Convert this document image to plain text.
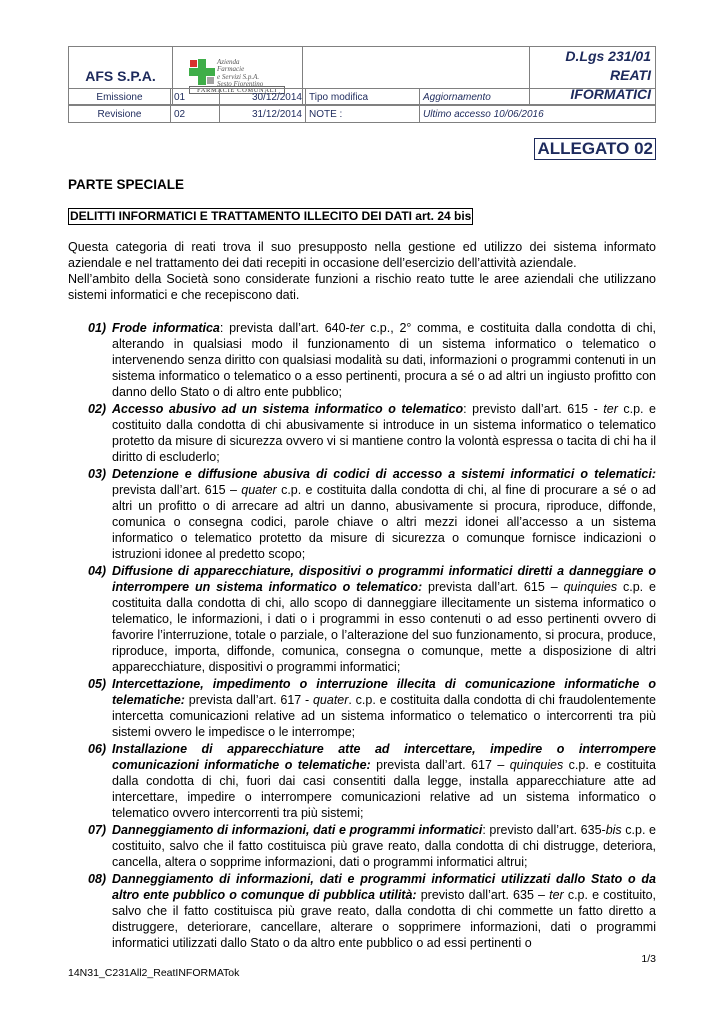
AFS S.P.A.	
Azienda
Farmacie
e Servizi S.p.A.
Sesto Fiorentino
FARMACIE COMUNALI

D.Lgs 231/01
REATI IFORMATICI
Emissione	01	30/12/2014	Tipo modifica	Aggiornamento
Revisione	02	31/12/2014	NOTE :	Ultimo accesso 10/06/2016
ALLEGATO 02
PARTE SPECIALE
DELITTI INFORMATICI E TRATTAMENTO ILLECITO DEI DATI art. 24 bis

Questa categoria di reati trova il suo presupposto nella gestione ed utilizzo dei sistema informato aziendale e nel trattamento dei dati recepiti in occasione dell’esercizio dell’attività aziendale.

Nell’ambito della Società sono considerate funzioni a rischio reato tutte le aree aziendali che utilizzano sistemi informatici e che recepiscono dati.

01) Frode informatica: prevista dall’art. 640-ter c.p., 2° comma, e costituita dalla condotta di chi, alterando in qualsiasi modo il funzionamento di un sistema informatico o telematico o intervenendo senza diritto con qualsiasi modalità su dati, informazioni o programmi contenuti in un sistema informatico o telematico o a esso pertinenti, procura a sé o ad altri un ingiusto profitto con danno dello Stato o di altro ente pubblico;

02) Accesso abusivo ad un sistema informatico o telematico: previsto dall’art. 615 - ter c.p. e costituito dalla condotta di chi abusivamente si introduce in un sistema informatico o telematico protetto da misure di sicurezza ovvero vi si mantiene contro la volontà espressa o tacita di chi ha il diritto di escluderlo;

03) Detenzione e diffusione abusiva di codici di accesso a sistemi informatici o telematici: prevista dall’art. 615 – quater c.p. e costituita dalla condotta di chi, al fine di procurare a sé o ad altri un profitto o di arrecare ad altri un danno, abusivamente si procura, riproduce, diffonde, comunica o consegna codici, parole chiave o altri mezzi idonei all’accesso a un sistema informatico o telematico protetto da misure di sicurezza o comunque fornisce indicazioni o istruzioni idonee al predetto scopo;

04) Diffusione di apparecchiature, dispositivi o programmi informatici diretti a danneggiare o interrompere un sistema informatico o telematico: prevista dall’art. 615 – quinquies c.p. e costituita dalla condotta di chi, allo scopo di danneggiare illecitamente un sistema informatico o telematico, le informazioni, i dati o i programmi in esso contenuti o ad esso pertinenti ovvero di favorire l’interruzione, totale o parziale, o l’alterazione del suo funzionamento, si procura, produce, riproduce, importa, diffonde, comunica, consegna o comunque, mette a disposizione di altri apparecchiature, dispositivi o programmi informatici;

05) Intercettazione, impedimento o interruzione illecita di comunicazione informatiche o telematiche: prevista dall’art. 617 - quater. c.p. e costituita dalla condotta di chi fraudolentemente intercetta comunicazioni relative ad un sistema informatico o telematico o intercorrenti tra più sistemi ovvero le impedisce o le interrompe;

06) Installazione di apparecchiature atte ad intercettare, impedire o interrompere comunicazioni informatiche o telematiche: prevista dall’art. 617 – quinquies c.p. e costituita dalla condotta di chi, fuori dai casi consentiti dalla legge, installa apparecchiature atte ad intercettare, impedire o interrompere comunicazioni relative ad un sistema informatico o telematico ovvero intercorrenti tra più sistemi;

07) Danneggiamento di informazioni, dati e programmi informatici: previsto dall’art. 635-bis c.p. e costituito, salvo che il fatto costituisca più grave reato, dalla condotta di chi distrugge, deteriora, cancella, altera o sopprime informazioni, dati o programmi informatici altrui;

08) Danneggiamento di informazioni, dati e programmi informatici utilizzati dallo Stato o da altro ente pubblico o comunque di pubblica utilità: previsto dall’art. 635 – ter c.p. e costituito, salvo che il fatto costituisca più grave reato, dalla condotta di chi commette un fatto diretto a distruggere, deteriorare, cancellare, alterare o sopprimere informazioni, dati o programmi informatici utilizzati dallo Stato o da altro ente pubblico o ad essi pertinenti o

1/3
14N31_C231All2_ReatINFORMATok
